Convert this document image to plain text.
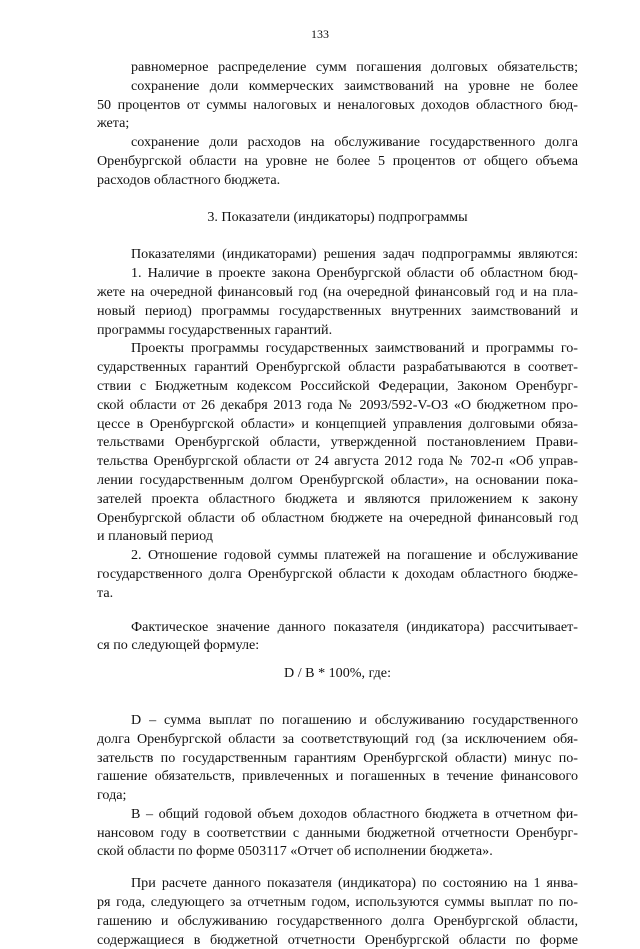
133
равномерное распределение сумм погашения долговых обязательств;
сохранение доли коммерческих заимствований на уровне не более
50 процентов от суммы налоговых и неналоговых доходов областного бюд-
жета;
сохранение доли расходов на обслуживание государственного долга
Оренбургской области на уровне не более 5 процентов от общего объема
расходов областного бюджета.
3. Показатели (индикаторы) подпрограммы
Показателями (индикаторами) решения задач подпрограммы являются:
1. Наличие в проекте закона Оренбургской области об областном бюд-
жете на очередной финансовый год (на очередной финансовый год и на пла-
новый период) программы государственных внутренних заимствований и
программы государственных гарантий.
Проекты программы государственных заимствований и программы го-
сударственных гарантий Оренбургской области разрабатываются в соответ-
ствии с Бюджетным кодексом Российской Федерации, Законом Оренбург-
ской области от 26 декабря 2013 года № 2093/592-V-ОЗ «О бюджетном про-
цессе в Оренбургской области» и концепцией управления долговыми обяза-
тельствами Оренбургской области, утвержденной постановлением Прави-
тельства Оренбургской области от 24 августа 2012 года № 702-п «Об управ-
лении государственным долгом Оренбургской области», на основании пока-
зателей проекта областного бюджета и являются приложением к закону
Оренбургской области об областном бюджете на очередной финансовый год
и плановый период
2. Отношение годовой суммы платежей на погашение и обслуживание
государственного долга Оренбургской области к доходам областного бюдже-
та.
Фактическое значение данного показателя (индикатора) рассчитывает-
ся по следующей формуле:
D / B * 100%, где:
D – сумма выплат по погашению и обслуживанию государственного
долга Оренбургской области за соответствующий год (за исключением обя-
зательств по государственным гарантиям Оренбургской области) минус по-
гашение обязательств, привлеченных и погашенных в течение финансового
года;
В – общий годовой объем доходов областного бюджета в отчетном фи-
нансовом году в соответствии с данными бюджетной отчетности Оренбург-
ской области по форме 0503117 «Отчет об исполнении бюджета».
При расчете данного показателя (индикатора) по состоянию на 1 янва-
ря года, следующего за отчетным годом, используются суммы выплат по по-
гашению и обслуживанию государственного долга Оренбургской области,
содержащиеся в бюджетной отчетности Оренбургской области по форме
